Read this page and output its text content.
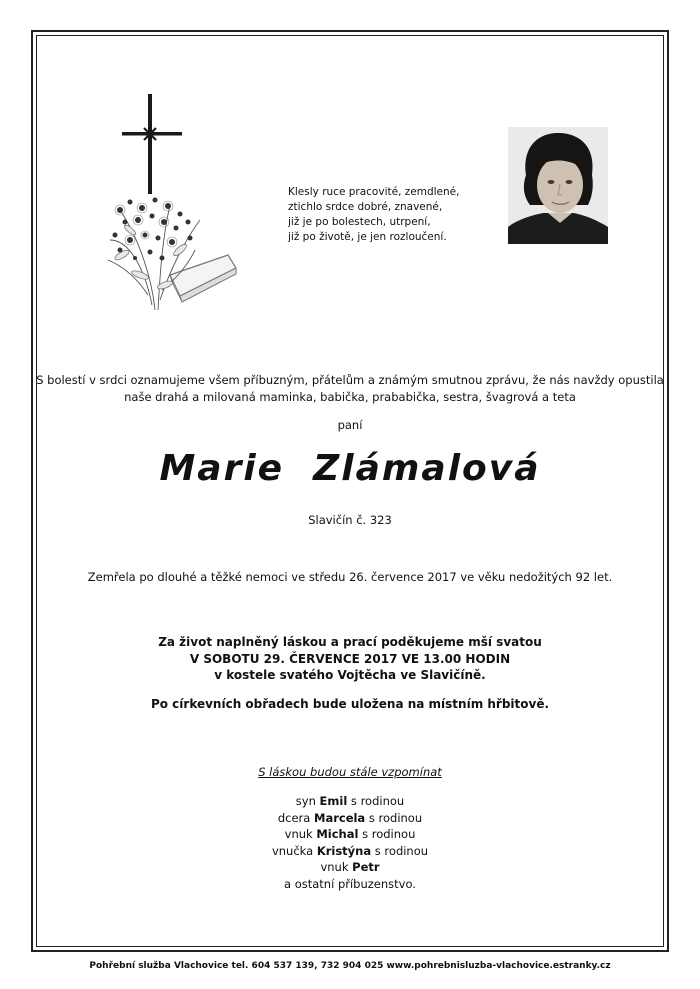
Klesly ruce pracovité, zemdlené,
ztichlo srdce dobré, znavené,
již je po bolestech, utrpení,
již po životě, je jen rozloučení.
S bolestí v srdci oznamujeme všem příbuzným, přátelům a známým smutnou zprávu, že nás navždy opustila
naše drahá a milovaná maminka, babička, prababička, sestra, švagrová a teta
paní
Marie  Zlámalová
Slavičín č. 323
Zemřela po dlouhé a těžké nemoci ve středu 26. července 2017 ve věku nedožitých 92 let.
Za život naplněný láskou a prací poděkujeme mší svatou
V SOBOTU 29. ČERVENCE 2017 VE 13.00 HODIN
v kostele svatého Vojtěcha ve Slavičíně.
Po církevních obřadech bude uložena na místním hřbitově.
S láskou budou stále vzpomínat
syn Emil s rodinou
dcera Marcela s rodinou
vnuk Michal s rodinou
vnučka Kristýna s rodinou
vnuk Petr
a ostatní příbuzenstvo.
Pohřební služba Vlachovice tel. 604 537 139, 732 904 025 www.pohrebnisluzba-vlachovice.estranky.cz
